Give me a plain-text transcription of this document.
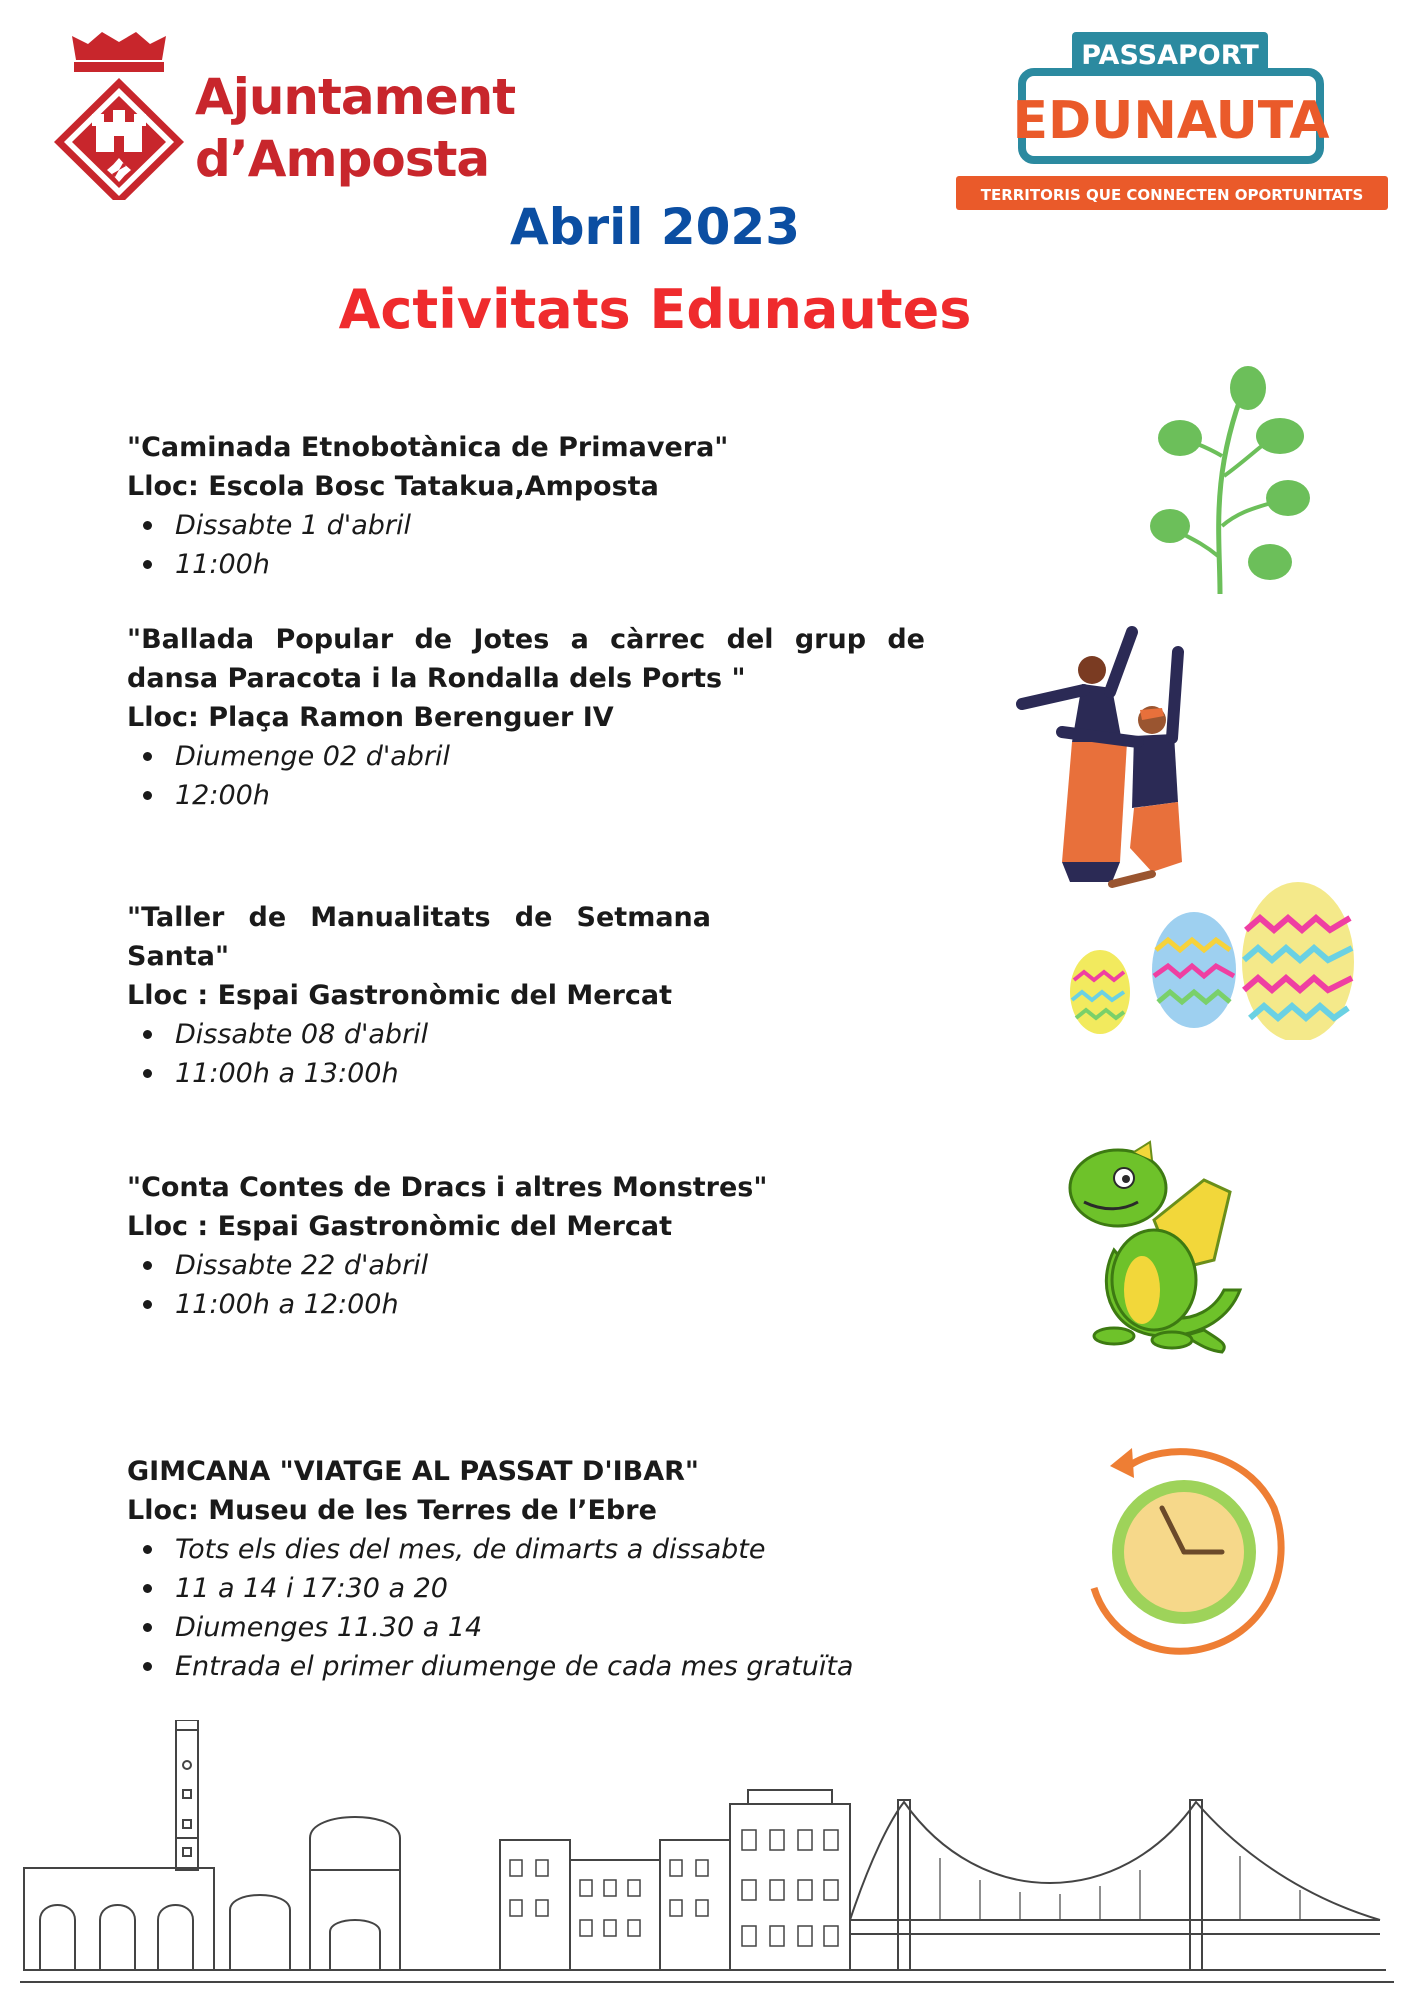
Ajuntament
d’Amposta
PASSAPORT
EDUNAUTA
TERRITORIS QUE CONNECTEN OPORTUNITATS
Abril 2023
Activitats Edunautes

"Caminada Etnobotànica de Primavera"

Lloc: Escola Bosc Tatakua,Amposta

Dissabte 1 d'abril
11:00h

"Ballada Popular de Jotes a càrrec del grup de dansa Paracota i la Rondalla dels Ports "

Lloc: Plaça Ramon Berenguer IV

Diumenge 02 d'abril
12:00h

"Taller de Manualitats de Setmana Santa"

Lloc : Espai Gastronòmic del Mercat

Dissabte 08 d'abril
11:00h a 13:00h

"Conta Contes de Dracs i altres Monstres"

Lloc : Espai Gastronòmic del Mercat

Dissabte 22 d'abril
11:00h a 12:00h

GIMCANA "VIATGE AL PASSAT D'IBAR"

Lloc: Museu de les Terres de l’Ebre

Tots els dies del mes, de dimarts a dissabte
11 a 14 i 17:30 a 20
Diumenges 11.30 a 14
Entrada el primer diumenge de cada mes gratuïta
